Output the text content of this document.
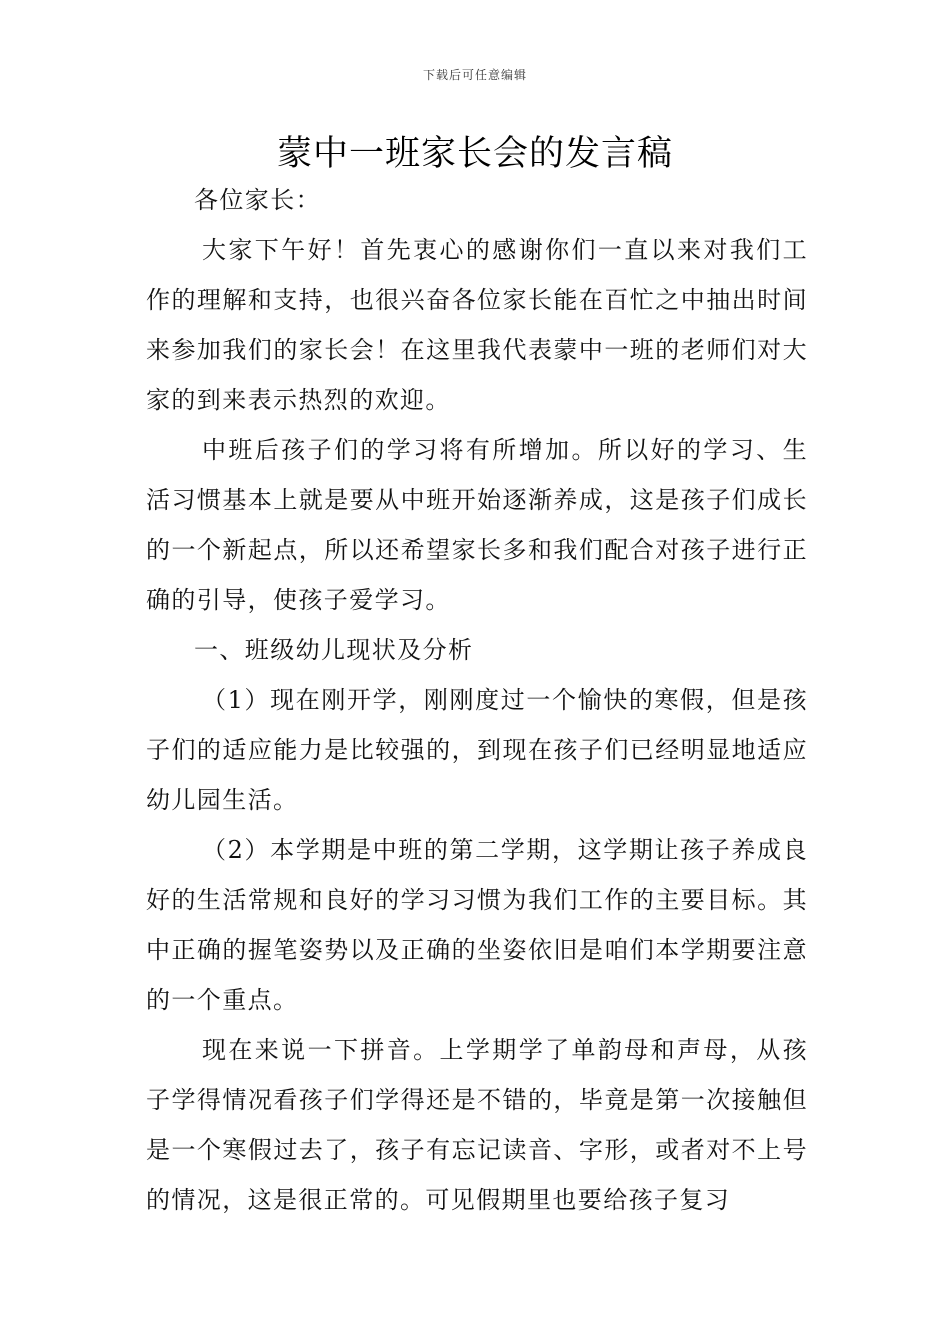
下载后可任意编辑
蒙中一班家长会的发言稿

各位家长：

大家下午好！首先衷心的感谢你们一直以来对我们工作的理解和支持，也很兴奋各位家长能在百忙之中抽出时间来参加我们的家长会！在这里我代表蒙中一班的老师们对大家的到来表示热烈的欢迎。

中班后孩子们的学习将有所增加。所以好的学习、生活习惯基本上就是要从中班开始逐渐养成，这是孩子们成长的一个新起点，所以还希望家长多和我们配合对孩子进行正确的引导，使孩子爱学习。

一、班级幼儿现状及分析

（1）现在刚开学，刚刚度过一个愉快的寒假，但是孩子们的适应能力是比较强的，到现在孩子们已经明显地适应幼儿园生活。

（2）本学期是中班的第二学期，这学期让孩子养成良好的生活常规和良好的学习习惯为我们工作的主要目标。其中正确的握笔姿势以及正确的坐姿依旧是咱们本学期要注意的一个重点。

现在来说一下拼音。上学期学了单韵母和声母，从孩子学得情况看孩子们学得还是不错的，毕竟是第一次接触但是一个寒假过去了，孩子有忘记读音、字形，或者对不上号的情况，这是很正常的。可见假期里也要给孩子复习
